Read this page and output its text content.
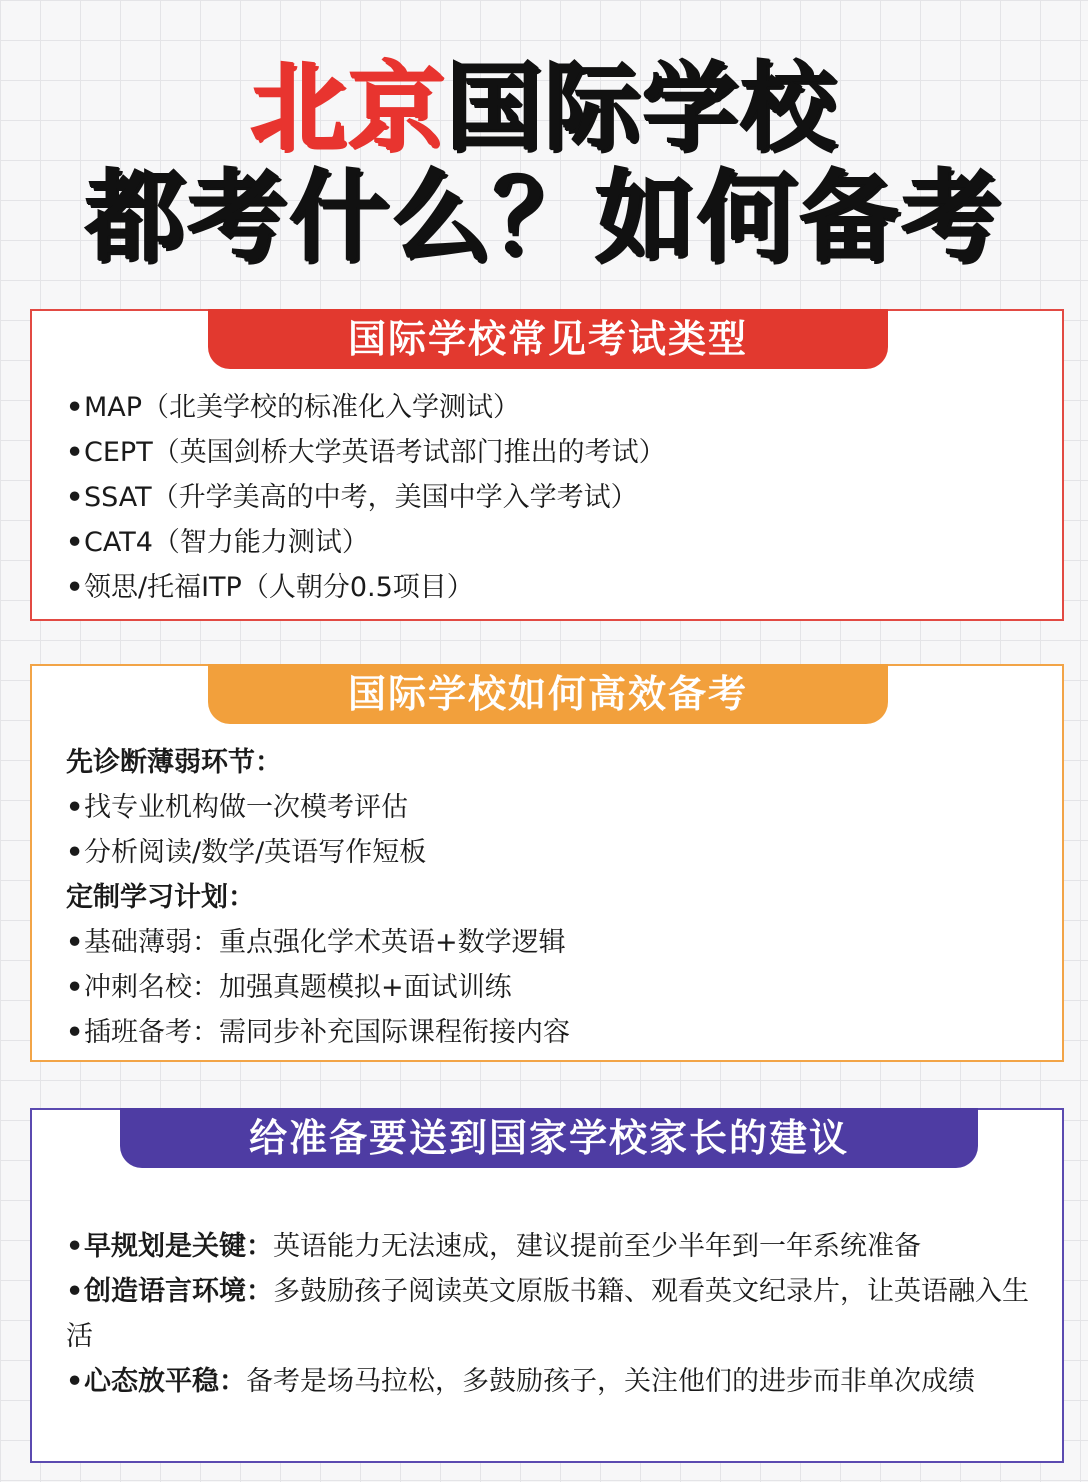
北京国际学校
都考什么？如何备考
国际学校常见考试类型
•MAP（北美学校的标准化入学测试）
•CEPT（英国剑桥大学英语考试部门推出的考试）
•SSAT（升学美高的中考，美国中学入学考试）
•CAT4（智力能力测试）
•领思/托福ITP（人朝分0.5项目）
国际学校如何高效备考
先诊断薄弱环节：
•找专业机构做一次模考评估
•分析阅读/数学/英语写作短板
定制学习计划：
•基础薄弱：重点强化学术英语+数学逻辑
•冲刺名校：加强真题模拟+面试训练
•插班备考：需同步补充国际课程衔接内容
给准备要送到国家学校家长的建议
•早规划是关键：英语能力无法速成，建议提前至少半年到一年系统准备
•创造语言环境：多鼓励孩子阅读英文原版书籍、观看英文纪录片，让英语融入生活
•心态放平稳：备考是场马拉松，多鼓励孩子，关注他们的进步而非单次成绩
